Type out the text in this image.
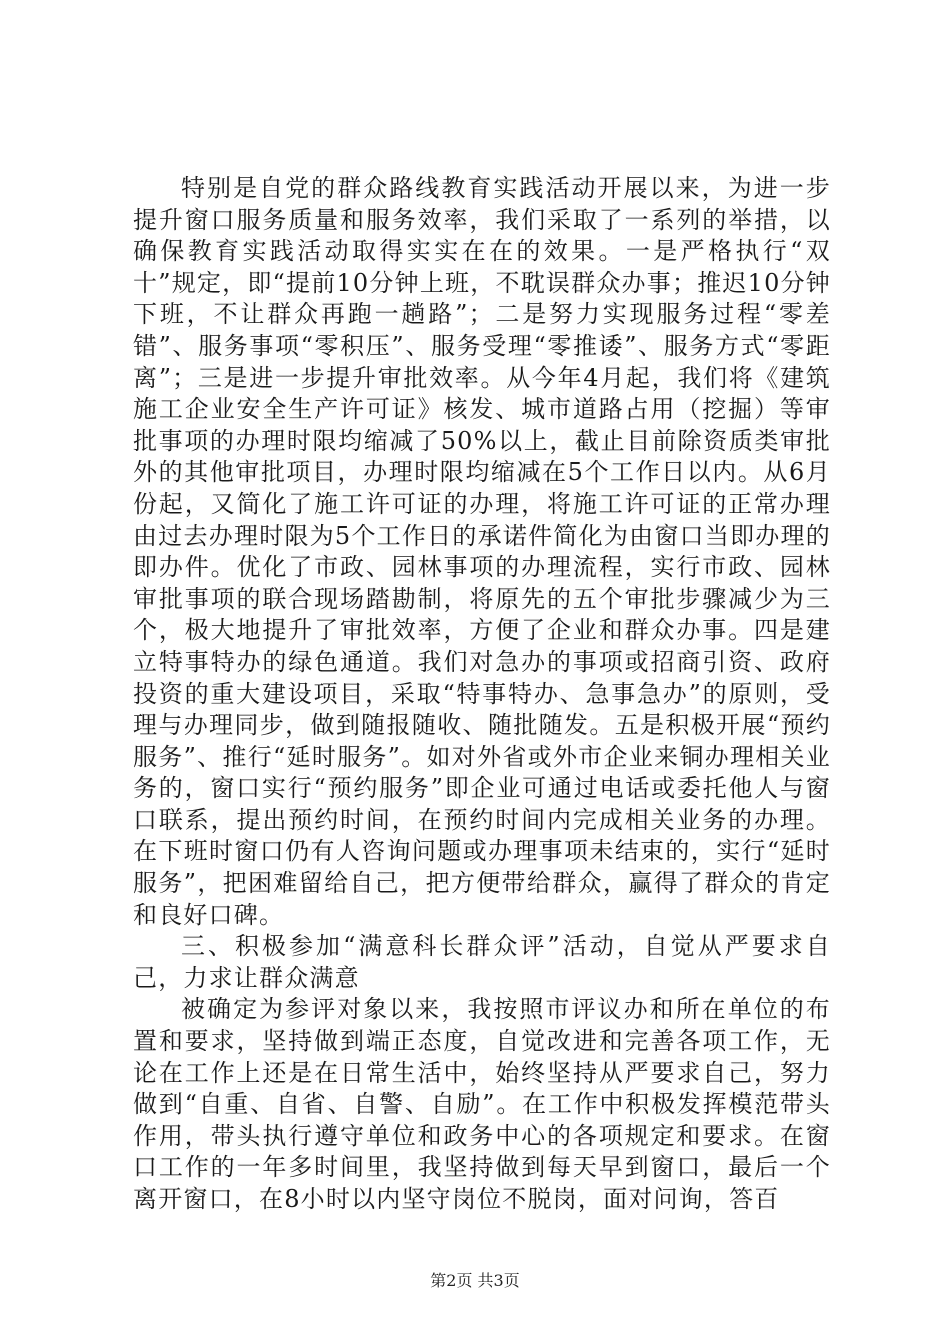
特别是自党的群众路线教育实践活动开展以来，为进一步提升窗口服务质量和服务效率，我们采取了一系列的举措，以确保教育实践活动取得实实在在的效果。一是严格执行“双十”规定，即“提前10分钟上班，不耽误群众办事；推迟10分钟下班，不让群众再跑一趟路”；二是努力实现服务过程“零差错”、服务事项“零积压”、服务受理“零推诿”、服务方式“零距离”；三是进一步提升审批效率。从今年4月起，我们将《建筑施工企业安全生产许可证》核发、城市道路占用（挖掘）等审批事项的办理时限均缩减了50%以上，截止目前除资质类审批外的其他审批项目，办理时限均缩减在5个工作日以内。从6月份起，又简化了施工许可证的办理，将施工许可证的正常办理由过去办理时限为5个工作日的承诺件简化为由窗口当即办理的即办件。优化了市政、园林事项的办理流程，实行市政、园林审批事项的联合现场踏勘制，将原先的五个审批步骤减少为三个，极大地提升了审批效率，方便了企业和群众办事。四是建立特事特办的绿色通道。我们对急办的事项或招商引资、政府投资的重大建设项目，采取“特事特办、急事急办”的原则，受理与办理同步，做到随报随收、随批随发。五是积极开展“预约服务”、推行“延时服务”。如对外省或外市企业来铜办理相关业务的，窗口实行“预约服务”即企业可通过电话或委托他人与窗口联系，提出预约时间，在预约时间内完成相关业务的办理。在下班时窗口仍有人咨询问题或办理事项未结束的，实行“延时服务”，把困难留给自己，把方便带给群众，赢得了群众的肯定和良好口碑。

三、积极参加“满意科长群众评”活动，自觉从严要求自己，力求让群众满意

被确定为参评对象以来，我按照市评议办和所在单位的布置和要求，坚持做到端正态度，自觉改进和完善各项工作，无论在工作上还是在日常生活中，始终坚持从严要求自己，努力做到“自重、自省、自警、自励”。在工作中积极发挥模范带头作用，带头执行遵守单位和政务中心的各项规定和要求。在窗口工作的一年多时间里，我坚持做到每天早到窗口，最后一个离开窗口，在8小时以内坚守岗位不脱岗，面对问询，答百

第2页 共3页
